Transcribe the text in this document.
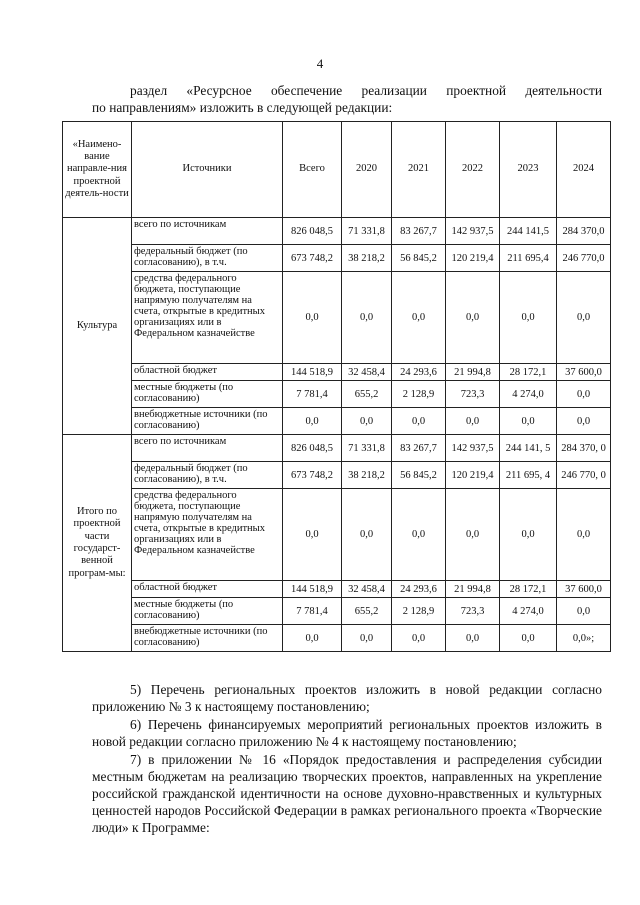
4

раздел «Ресурсное обеспечение реализации проектной деятельности

по направлениям» изложить в следующей редакции:

«Наимено-вание направле-ния проектной деятель-ности	Источники	Всего	2020	2021	2022	2023	2024
Культура	всего по источникам	826 048,5	71 331,8	83 267,7	142 937,5	244 141,5	284 370,0
	федеральный бюджет (по согласованию), в т.ч.	673 748,2	38 218,2	56 845,2	120 219,4	211 695,4	246 770,0
	средства федерального бюджета, поступающие напрямую получателям на счета, открытые в кредитных организациях или в Федеральном казначействе	0,0	0,0	0,0	0,0	0,0	0,0
	областной бюджет	144 518,9	32 458,4	24 293,6	21 994,8	28 172,1	37 600,0
	местные бюджеты (по согласованию)	7 781,4	655,2	2 128,9	723,3	4 274,0	0,0
	внебюджетные источники (по согласованию)	0,0	0,0	0,0	0,0	0,0	0,0
Итого по проектной части государст-венной програм-мы:	всего по источникам	826 048,5	71 331,8	83 267,7	142 937,5	244 141, 5	284 370, 0
	федеральный бюджет (по согласованию), в т.ч.	673 748,2	38 218,2	56 845,2	120 219,4	211 695, 4	246 770, 0
	средства федерального бюджета, поступающие напрямую получателям на счета, открытые в кредитных организациях или в Федеральном казначействе	0,0	0,0	0,0	0,0	0,0	0,0
	областной бюджет	144 518,9	32 458,4	24 293,6	21 994,8	28 172,1	37 600,0
	местные бюджеты (по согласованию)	7 781,4	655,2	2 128,9	723,3	4 274,0	0,0
	внебюджетные источники (по согласованию)	0,0	0,0	0,0	0,0	0,0	0,0»;

5) Перечень региональных проектов изложить в новой редакции согласно приложению № 3 к настоящему постановлению;

6) Перечень финансируемых мероприятий региональных проектов изложить в новой редакции согласно приложению № 4 к настоящему постановлению;

7) в приложении № 16 «Порядок предоставления и распределения субсидии местным бюджетам на реализацию творческих проектов, направленных на укрепление российской гражданской идентичности на основе духовно-нравственных и культурных ценностей народов Российской Федерации в рамках регионального проекта «Творческие люди» к Программе:
